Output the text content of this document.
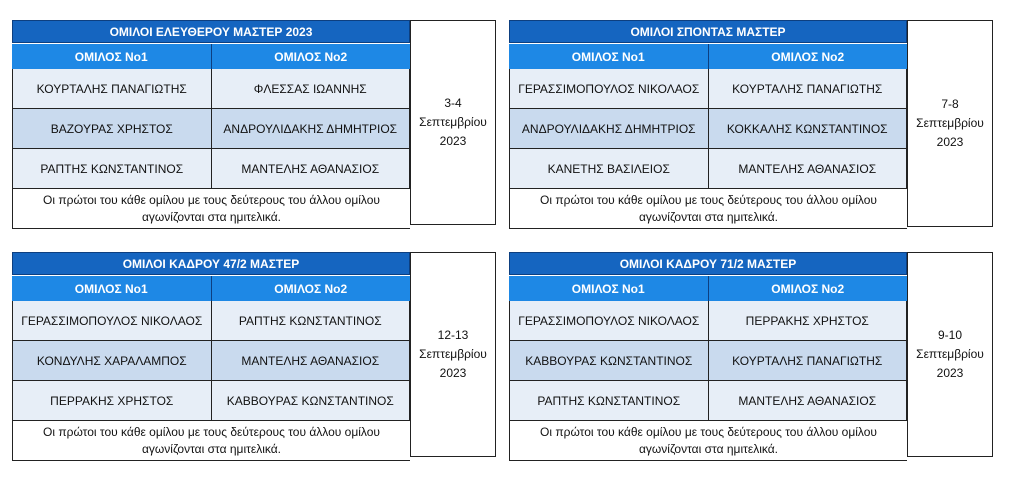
ΟΜΙΛΟΙ ΕΛΕΥΘΕΡΟΥ ΜΑΣΤΕΡ 2023
ΟΜΙΛΟΣ Νο1	ΟΜΙΛΟΣ Νο2
ΚΟΥΡΤΑΛΗΣ ΠΑΝΑΓΙΩΤΗΣ	ΦΛΕΣΣΑΣ ΙΩΑΝΝΗΣ
ΒΑΖΟΥΡΑΣ ΧΡΗΣΤΟΣ	ΑΝΔΡΟΥΛΙΔΑΚΗΣ ΔΗΜΗΤΡΙΟΣ
ΡΑΠΤΗΣ ΚΩΝΣΤΑΝΤΙΝΟΣ	ΜΑΝΤΕΛΗΣ ΑΘΑΝΑΣΙΟΣ
Οι πρώτοι του κάθε ομίλου με τους δεύτερους του άλλου ομίλου
αγωνίζονται στα ημιτελικά.
3-4
Σεπτεμβρίου
2023
ΟΜΙΛΟΙ ΣΠΟΝΤΑΣ ΜΑΣΤΕΡ
ΟΜΙΛΟΣ Νο1	ΟΜΙΛΟΣ Νο2
ΓΕΡΑΣΣΙΜΟΠΟΥΛΟΣ ΝΙΚΟΛΑΟΣ	ΚΟΥΡΤΑΛΗΣ ΠΑΝΑΓΙΩΤΗΣ
ΑΝΔΡΟΥΛΙΔΑΚΗΣ ΔΗΜΗΤΡΙΟΣ	ΚΟΚΚΑΛΗΣ ΚΩΝΣΤΑΝΤΙΝΟΣ
ΚΑΝΕΤΗΣ ΒΑΣΙΛΕΙΟΣ	ΜΑΝΤΕΛΗΣ ΑΘΑΝΑΣΙΟΣ
Οι πρώτοι του κάθε ομίλου με τους δεύτερους του άλλου ομίλου
αγωνίζονται στα ημιτελικά.
7-8
Σεπτεμβρίου
2023
ΟΜΙΛΟΙ ΚΑΔΡΟΥ 47/2 ΜΑΣΤΕΡ
ΟΜΙΛΟΣ Νο1	ΟΜΙΛΟΣ Νο2
ΓΕΡΑΣΣΙΜΟΠΟΥΛΟΣ ΝΙΚΟΛΑΟΣ	ΡΑΠΤΗΣ ΚΩΝΣΤΑΝΤΙΝΟΣ
ΚΟΝΔΥΛΗΣ ΧΑΡΑΛΑΜΠΟΣ	ΜΑΝΤΕΛΗΣ ΑΘΑΝΑΣΙΟΣ
ΠΕΡΡΑΚΗΣ ΧΡΗΣΤΟΣ	ΚΑΒΒΟΥΡΑΣ ΚΩΝΣΤΑΝΤΙΝΟΣ
Οι πρώτοι του κάθε ομίλου με τους δεύτερους του άλλου ομίλου
αγωνίζονται στα ημιτελικά.
12-13
Σεπτεμβρίου
2023
ΟΜΙΛΟΙ ΚΑΔΡΟΥ 71/2 ΜΑΣΤΕΡ
ΟΜΙΛΟΣ Νο1	ΟΜΙΛΟΣ Νο2
ΓΕΡΑΣΣΙΜΟΠΟΥΛΟΣ ΝΙΚΟΛΑΟΣ	ΠΕΡΡΑΚΗΣ ΧΡΗΣΤΟΣ
ΚΑΒΒΟΥΡΑΣ ΚΩΝΣΤΑΝΤΙΝΟΣ	ΚΟΥΡΤΑΛΗΣ ΠΑΝΑΓΙΩΤΗΣ
ΡΑΠΤΗΣ ΚΩΝΣΤΑΝΤΙΝΟΣ	ΜΑΝΤΕΛΗΣ ΑΘΑΝΑΣΙΟΣ
Οι πρώτοι του κάθε ομίλου με τους δεύτερους του άλλου ομίλου
αγωνίζονται στα ημιτελικά.
9-10
Σεπτεμβρίου
2023
